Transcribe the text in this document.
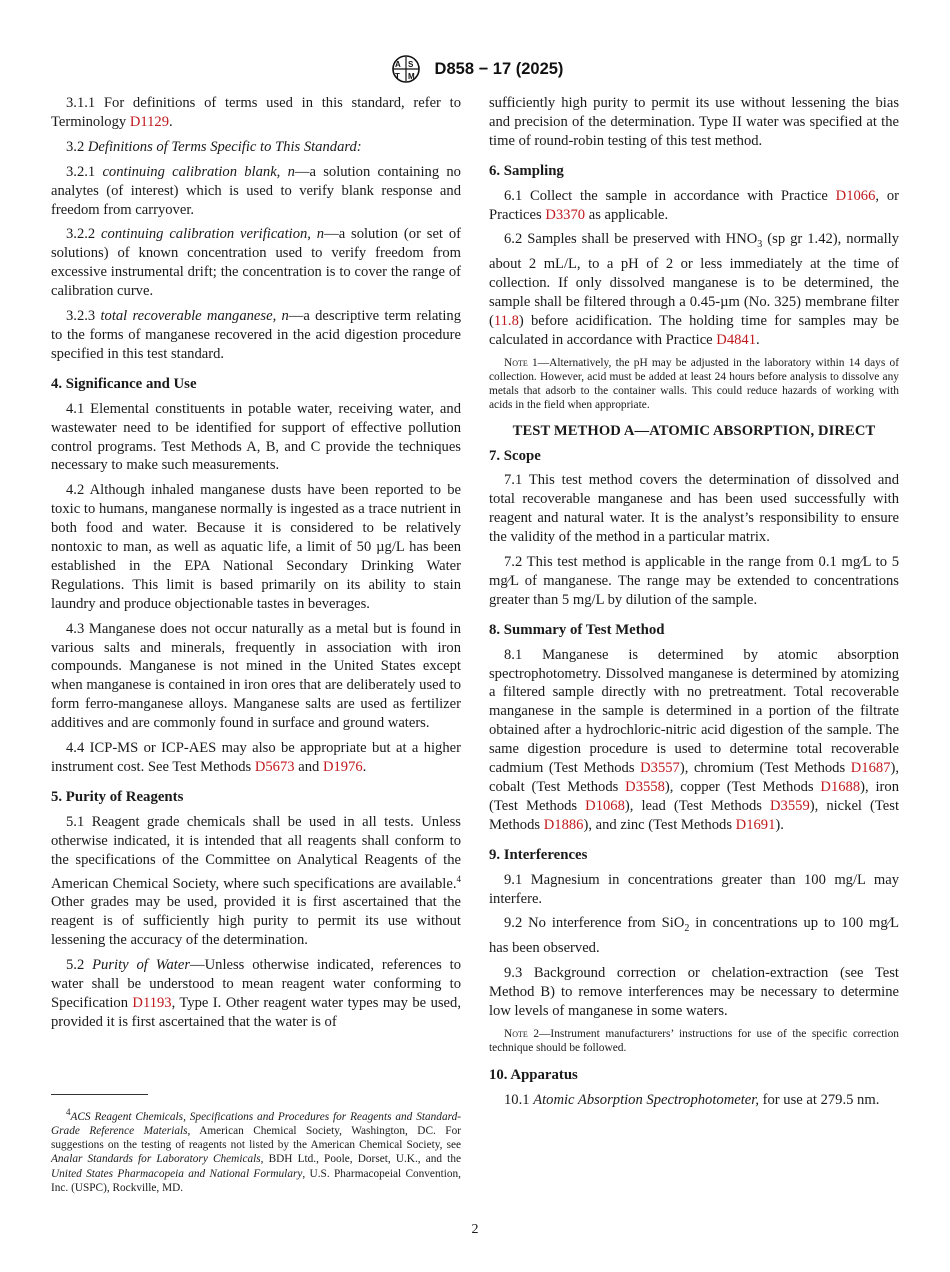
A S
T M D858 − 17 (2025)

3.1.1 For definitions of terms used in this standard, refer to Terminology D1129.

3.2 Definitions of Terms Specific to This Standard:

3.2.1 continuing calibration blank, n—a solution containing no analytes (of interest) which is used to verify blank response and freedom from carryover.

3.2.2 continuing calibration verification, n—a solution (or set of solutions) of known concentration used to verify freedom from excessive instrumental drift; the concentration is to cover the range of calibration curve.

3.2.3 total recoverable manganese, n—a descriptive term relating to the forms of manganese recovered in the acid digestion procedure specified in this test standard.

4. Significance and Use

4.1 Elemental constituents in potable water, receiving water, and wastewater need to be identified for support of effective pollution control programs. Test Methods A, B, and C provide the techniques necessary to make such measurements.

4.2 Although inhaled manganese dusts have been reported to be toxic to humans, manganese normally is ingested as a trace nutrient in both food and water. Because it is considered to be relatively nontoxic to man, as well as aquatic life, a limit of 50 µg/L has been established in the EPA National Secondary Drinking Water Regulations. This limit is based primarily on its ability to stain laundry and produce objectionable tastes in beverages.

4.3 Manganese does not occur naturally as a metal but is found in various salts and minerals, frequently in association with iron compounds. Manganese is not mined in the United States except when manganese is contained in iron ores that are deliberately used to form ferro-manganese alloys. Manganese salts are used as fertilizer additives and are commonly found in surface and ground waters.

4.4 ICP-MS or ICP-AES may also be appropriate but at a higher instrument cost. See Test Methods D5673 and D1976.

5. Purity of Reagents

5.1 Reagent grade chemicals shall be used in all tests. Unless otherwise indicated, it is intended that all reagents shall conform to the specifications of the Committee on Analytical Reagents of the American Chemical Society, where such specifications are available.$^4$ Other grades may be used, provided it is first ascertained that the reagent is of sufficiently high purity to permit its use without lessening the accuracy of the determination.

5.2 Purity of Water—Unless otherwise indicated, references to water shall be understood to mean reagent water conforming to Specification D1193, Type I. Other reagent water types may be used, provided it is first ascertained that the water is of

$^4$ACS Reagent Chemicals, Specifications and Procedures for Reagents and Standard-Grade Reference Materials, American Chemical Society, Washington, DC. For suggestions on the testing of reagents not listed by the American Chemical Society, see Analar Standards for Laboratory Chemicals, BDH Ltd., Poole, Dorset, U.K., and the United States Pharmacopeia and National Formulary, U.S. Pharmacopeial Convention, Inc. (USPC), Rockville, MD.

sufficiently high purity to permit its use without lessening the bias and precision of the determination. Type II water was specified at the time of round-robin testing of this test method.

6. Sampling

6.1 Collect the sample in accordance with Practice D1066, or Practices D3370 as applicable.

6.2 Samples shall be preserved with $HNO_3$ (sp gr 1.42), normally about 2 mL/L, to a pH of 2 or less immediately at the time of collection. If only dissolved manganese is to be determined, the sample shall be filtered through a 0.45-µm (No. 325) membrane filter (11.8) before acidification. The holding time for samples may be calculated in accordance with Practice D4841.

Note 1—Alternatively, the pH may be adjusted in the laboratory within 14 days of collection. However, acid must be added at least 24 hours before analysis to dissolve any metals that adsorb to the container walls. This could reduce hazards of working with acids in the field when appropriate.
TEST METHOD A—ATOMIC ABSORPTION, DIRECT
7. Scope

7.1 This test method covers the determination of dissolved and total recoverable manganese and has been used successfully with reagent and natural water. It is the analyst’s responsibility to ensure the validity of the method in a particular matrix.

7.2 This test method is applicable in the range from 0.1 mg⁄L to 5 mg⁄L of manganese. The range may be extended to concentrations greater than 5 mg/L by dilution of the sample.

8. Summary of Test Method

8.1 Manganese is determined by atomic absorption spectrophotometry. Dissolved manganese is determined by atomizing a filtered sample directly with no pretreatment. Total recoverable manganese in the sample is determined in a portion of the filtrate obtained after a hydrochloric-nitric acid digestion of the sample. The same digestion procedure is used to determine total recoverable cadmium (Test Methods D3557), chromium (Test Methods D1687), cobalt (Test Methods D3558), copper (Test Methods D1688), iron (Test Methods D1068), lead (Test Methods D3559), nickel (Test Methods D1886), and zinc (Test Methods D1691).

9. Interferences

9.1 Magnesium in concentrations greater than 100 mg/L may interfere.

9.2 No interference from SiO$_2$ in concentrations up to 100 mg⁄L has been observed.

9.3 Background correction or chelation-extraction (see Test Method B) to remove interferences may be necessary to determine low levels of manganese in some waters.

Note 2—Instrument manufacturers’ instructions for use of the specific correction technique should be followed.
10. Apparatus

10.1 Atomic Absorption Spectrophotometer, for use at 279.5 nm.

2
